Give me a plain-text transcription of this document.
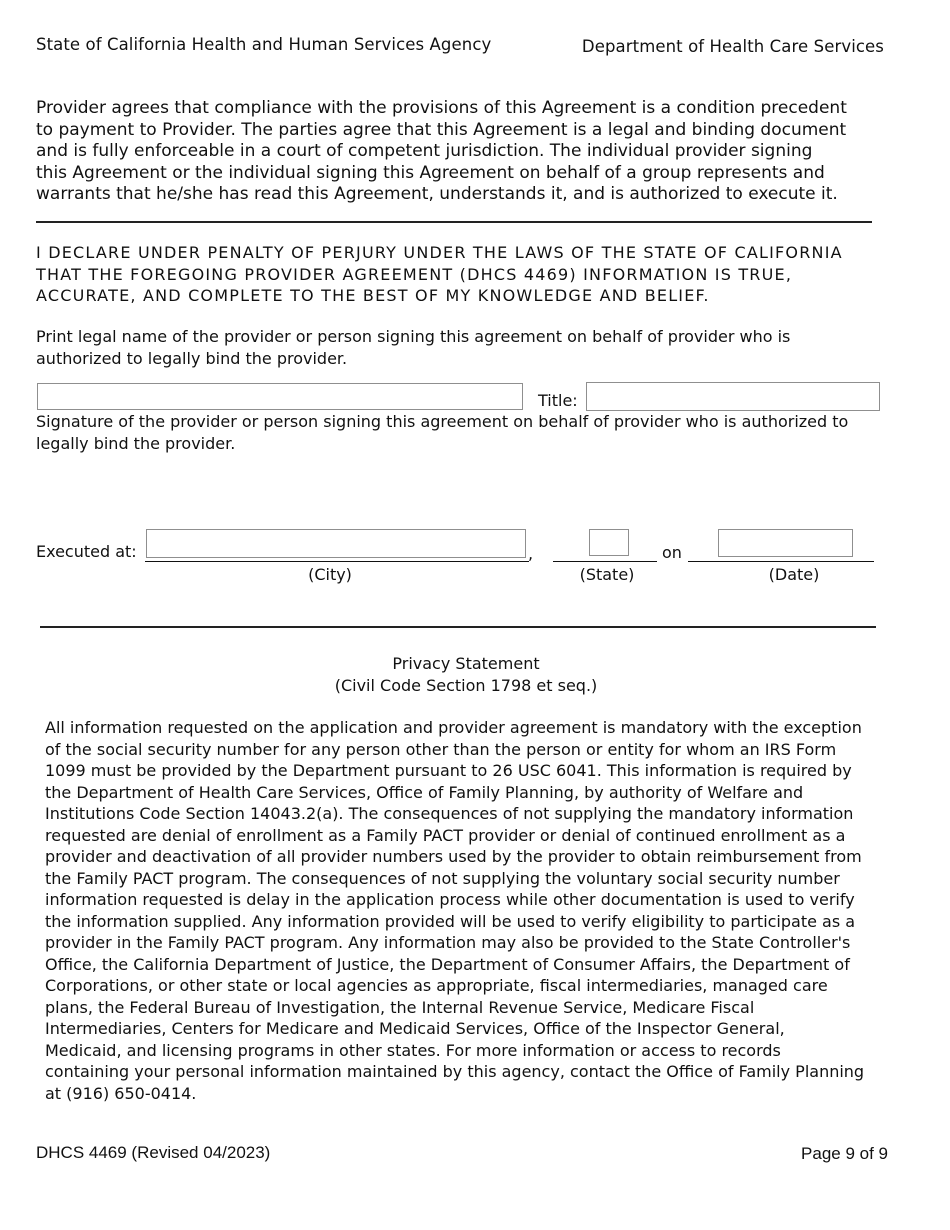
State of California Health and Human Services Agency	Department of Health Care Services
Provider agrees that compliance with the provisions of this Agreement is a condition precedent
to payment to Provider. The parties agree that this Agreement is a legal and binding document
and is fully enforceable in a court of competent jurisdiction. The individual provider signing
this Agreement or the individual signing this Agreement on behalf of a group represents and
warrants that he/she has read this Agreement, understands it, and is authorized to execute it.
I DECLARE UNDER PENALTY OF PERJURY UNDER THE LAWS OF THE STATE OF CALIFORNIA
THAT THE FOREGOING PROVIDER AGREEMENT (DHCS 4469) INFORMATION IS TRUE,
ACCURATE, AND COMPLETE TO THE BEST OF MY KNOWLEDGE AND BELIEF.
Print legal name of the provider or person signing this agreement on behalf of provider who is
authorized to legally bind the provider.
Title:
Signature of the provider or person signing this agreement on behalf of provider who is authorized to
legally bind the provider.
Executed at:	,	on
(City)	(State)	(Date)
Privacy Statement
(Civil Code Section 1798 et seq.)
All information requested on the application and provider agreement is mandatory with the exception
of the social security number for any person other than the person or entity for whom an IRS Form
1099 must be provided by the Department pursuant to 26 USC 6041. This information is required by
the Department of Health Care Services, Office of Family Planning, by authority of Welfare and
Institutions Code Section 14043.2(a). The consequences of not supplying the mandatory information
requested are denial of enrollment as a Family PACT provider or denial of continued enrollment as a
provider and deactivation of all provider numbers used by the provider to obtain reimbursement from
the Family PACT program. The consequences of not supplying the voluntary social security number
information requested is delay in the application process while other documentation is used to verify
the information supplied. Any information provided will be used to verify eligibility to participate as a
provider in the Family PACT program. Any information may also be provided to the State Controller's
Office, the California Department of Justice, the Department of Consumer Affairs, the Department of
Corporations, or other state or local agencies as appropriate, fiscal intermediaries, managed care
plans, the Federal Bureau of Investigation, the Internal Revenue Service, Medicare Fiscal
Intermediaries, Centers for Medicare and Medicaid Services, Office of the Inspector General,
Medicaid, and licensing programs in other states. For more information or access to records
containing your personal information maintained by this agency, contact the Office of Family Planning
at (916) 650-0414.
DHCS 4469 (Revised 04/2023)	Page 9 of 9
